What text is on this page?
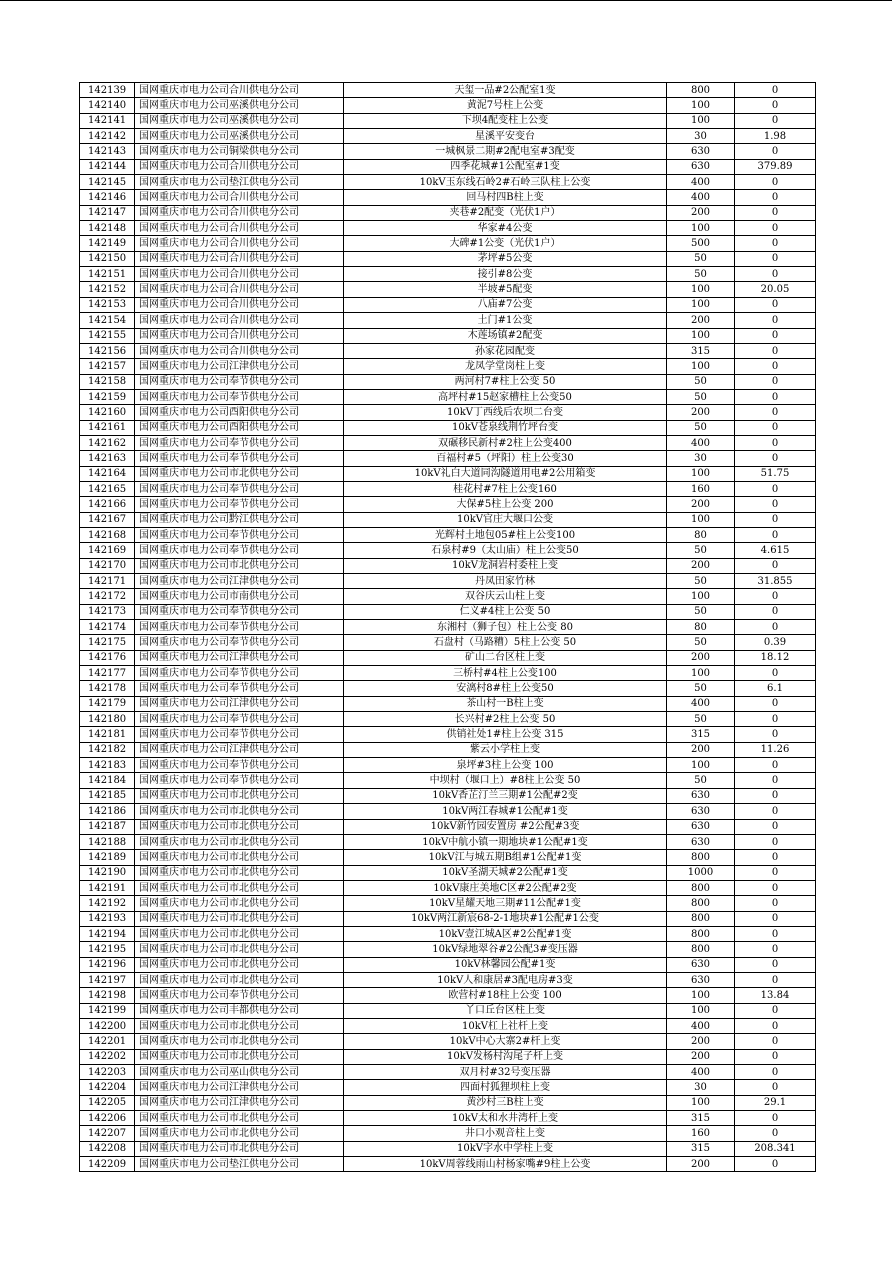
142139	国网重庆市电力公司合川供电分公司	天玺一品#2公配室1变	800	0
142140	国网重庆市电力公司巫溪供电分公司	黄泥7号柱上公变	100	0
142141	国网重庆市电力公司巫溪供电分公司	下坝4配变柱上公变	100	0
142142	国网重庆市电力公司巫溪供电分公司	星溪平安变台	30	1.98
142143	国网重庆市电力公司铜梁供电分公司	一城枫景二期#2配电室#3配变	630	0
142144	国网重庆市电力公司合川供电分公司	四季花城#1公配室#1变	630	379.89
142145	国网重庆市电力公司垫江供电分公司	10kV玉东线石岭2#石岭三队柱上公变	400	0
142146	国网重庆市电力公司合川供电分公司	回马村四B柱上变	400	0
142147	国网重庆市电力公司合川供电分公司	夹巷#2配变（光伏1户）	200	0
142148	国网重庆市电力公司合川供电分公司	华家#4公变	100	0
142149	国网重庆市电力公司合川供电分公司	大碑#1公变（光伏1户）	500	0
142150	国网重庆市电力公司合川供电分公司	茅坪#5公变	50	0
142151	国网重庆市电力公司合川供电分公司	接引#8公变	50	0
142152	国网重庆市电力公司合川供电分公司	半坡#5配变	100	20.05
142153	国网重庆市电力公司合川供电分公司	八庙#7公变	100	0
142154	国网重庆市电力公司合川供电分公司	土门#1公变	200	0
142155	国网重庆市电力公司合川供电分公司	木莲场镇#2配变	100	0
142156	国网重庆市电力公司合川供电分公司	孙家花园配变	315	0
142157	国网重庆市电力公司江津供电分公司	龙凤学堂岗柱上变	100	0
142158	国网重庆市电力公司奉节供电分公司	两河村7#柱上公变 50	50	0
142159	国网重庆市电力公司奉节供电分公司	高坪村#15赵家槽柱上公变50	50	0
142160	国网重庆市电力公司酉阳供电分公司	10kV丁西线后农坝二台变	200	0
142161	国网重庆市电力公司酉阳供电分公司	10kV苍泉线荆竹坪台变	50	0
142162	国网重庆市电力公司奉节供电分公司	双碾移民新村#2柱上公变400	400	0
142163	国网重庆市电力公司奉节供电分公司	百福村#5（坪阳）柱上公变30	30	0
142164	国网重庆市电力公司市北供电分公司	10kV礼白大道同沟隧道用电#2公用箱变	100	51.75
142165	国网重庆市电力公司奉节供电分公司	桂花村#7柱上公变160	160	0
142166	国网重庆市电力公司奉节供电分公司	大保#5柱上公变 200	200	0
142167	国网重庆市电力公司黔江供电分公司	10kV官庄大堰口公变	100	0
142168	国网重庆市电力公司奉节供电分公司	光辉村土地包05#柱上公变100	80	0
142169	国网重庆市电力公司奉节供电分公司	石泉村#9（太山庙）柱上公变50	50	4.615
142170	国网重庆市电力公司市北供电分公司	10kV龙洞岩村委柱上变	200	0
142171	国网重庆市电力公司江津供电分公司	丹凤田家竹林	50	31.855
142172	国网重庆市电力公司市南供电分公司	双谷庆云山柱上变	100	0
142173	国网重庆市电力公司奉节供电分公司	仁义#4柱上公变 50	50	0
142174	国网重庆市电力公司奉节供电分公司	东湘村（狮子包）柱上公变 80	80	0
142175	国网重庆市电力公司奉节供电分公司	石盘村（马路糟）5柱上公变 50	50	0.39
142176	国网重庆市电力公司江津供电分公司	矿山二台区柱上变	200	18.12
142177	国网重庆市电力公司奉节供电分公司	三桥村#4柱上公变100	100	0
142178	国网重庆市电力公司奉节供电分公司	安漓村8#柱上公变50	50	6.1
142179	国网重庆市电力公司江津供电分公司	茶山村一B柱上变	400	0
142180	国网重庆市电力公司奉节供电分公司	长兴村#2柱上公变 50	50	0
142181	国网重庆市电力公司奉节供电分公司	供销社处1#柱上公变 315	315	0
142182	国网重庆市电力公司江津供电分公司	紫云小学柱上变	200	11.26
142183	国网重庆市电力公司奉节供电分公司	泉坪#3柱上公变 100	100	0
142184	国网重庆市电力公司奉节供电分公司	中坝村（堰口上）#8柱上公变 50	50	0
142185	国网重庆市电力公司市北供电分公司	10kV香芷汀兰三期#1公配#2变	630	0
142186	国网重庆市电力公司市北供电分公司	10kV两江春城#1公配#1变	630	0
142187	国网重庆市电力公司市北供电分公司	10kV新竹园安置房 #2公配#3变	630	0
142188	国网重庆市电力公司市北供电分公司	10kV中航小镇一期地块#1公配#1变	630	0
142189	国网重庆市电力公司市北供电分公司	10kV江与城五期B组#1公配#1变	800	0
142190	国网重庆市电力公司市北供电分公司	10kV圣湖天城#2公配#1变	1000	0
142191	国网重庆市电力公司市北供电分公司	10kV康庄美地C区#2公配#2变	800	0
142192	国网重庆市电力公司市北供电分公司	10kV星耀天地三期#11公配#1变	800	0
142193	国网重庆市电力公司市北供电分公司	10kV两江新宸68-2-1地块#1公配#1公变	800	0
142194	国网重庆市电力公司市北供电分公司	10kV壹江城A区#2公配#1变	800	0
142195	国网重庆市电力公司市北供电分公司	10kV绿地翠谷#2公配3#变压器	800	0
142196	国网重庆市电力公司市北供电分公司	10kV林馨园公配#1变	630	0
142197	国网重庆市电力公司市北供电分公司	10kV人和康居#3配电房#3变	630	0
142198	国网重庆市电力公司奉节供电分公司	欧营村#18柱上公变 100	100	13.84
142199	国网重庆市电力公司丰都供电分公司	丫口丘台区柱上变	100	0
142200	国网重庆市电力公司市北供电分公司	10kV杠上社杆上变	400	0
142201	国网重庆市电力公司市北供电分公司	10kV中心大寨2#杆上变	200	0
142202	国网重庆市电力公司市北供电分公司	10kV发杨村沟尾子杆上变	200	0
142203	国网重庆市电力公司巫山供电分公司	双月村#32号变压器	400	0
142204	国网重庆市电力公司江津供电分公司	四面村狐狸坝柱上变	30	0
142205	国网重庆市电力公司江津供电分公司	黄沙村三B柱上变	100	29.1
142206	国网重庆市电力公司市北供电分公司	10kV太和水井湾杆上变	315	0
142207	国网重庆市电力公司市北供电分公司	井口小观音柱上变	160	0
142208	国网重庆市电力公司市北供电分公司	10kV字水中学柱上变	315	208.341
142209	国网重庆市电力公司垫江供电分公司	10kV周蓉线雨山村杨家嘴#9柱上公变	200	0
